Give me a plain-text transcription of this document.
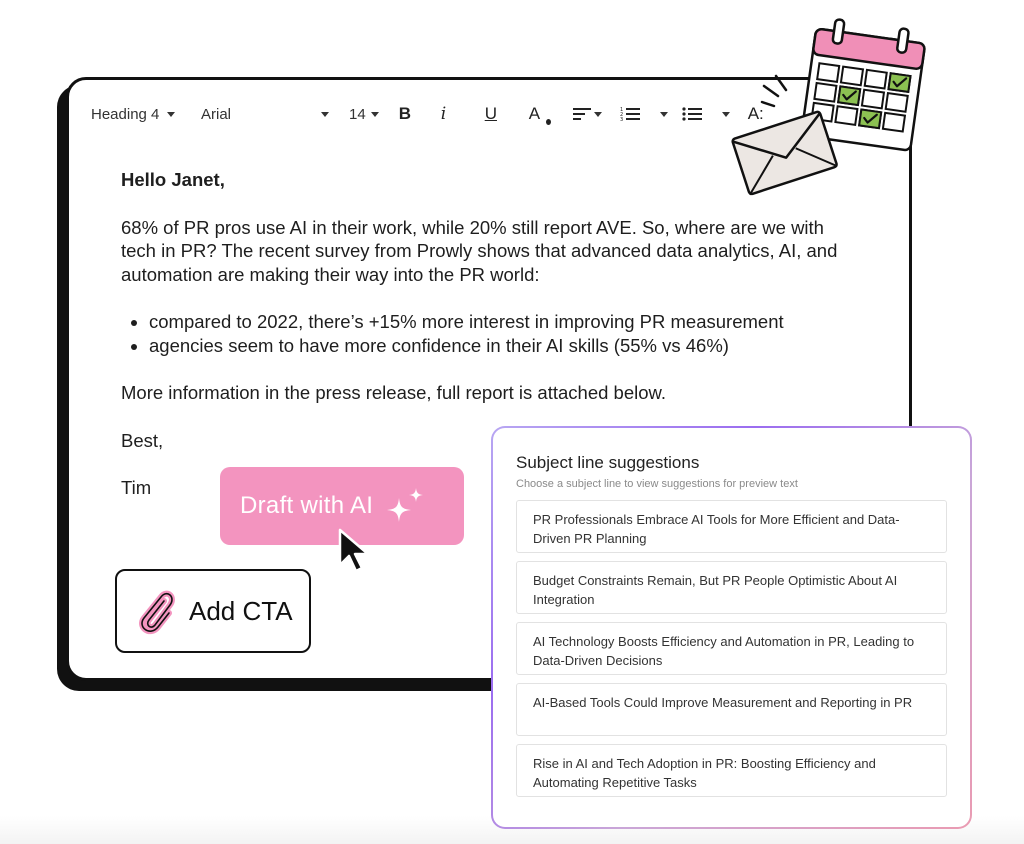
Heading 4	Arial	14 B i U A	1
2
3	A:

Hello Janet,

68% of PR pros use AI in their work, while 20% still report AVE. So, where are we with tech in PR? The recent survey from Prowly shows that advanced data analytics, AI, and automation are making their way into the PR world:

• compared to 2022, there’s +15% more interest in improving PR measurement
• agencies seem to have more confidence in their AI skills (55% vs 46%)

More information in the press release, full report is attached below.

Best,

Tim

Draft with AI
Add CTA
Subject line suggestions
Choose a subject line to view suggestions for preview text
PR Professionals Embrace AI Tools for More Efficient and Data-Driven PR Planning
Budget Constraints Remain, But PR People Optimistic About AI Integration
AI Technology Boosts Efficiency and Automation in PR, Leading to Data-Driven Decisions
AI-Based Tools Could Improve Measurement and Reporting in PR
Rise in AI and Tech Adoption in PR: Boosting Efficiency and Automating Repetitive Tasks
